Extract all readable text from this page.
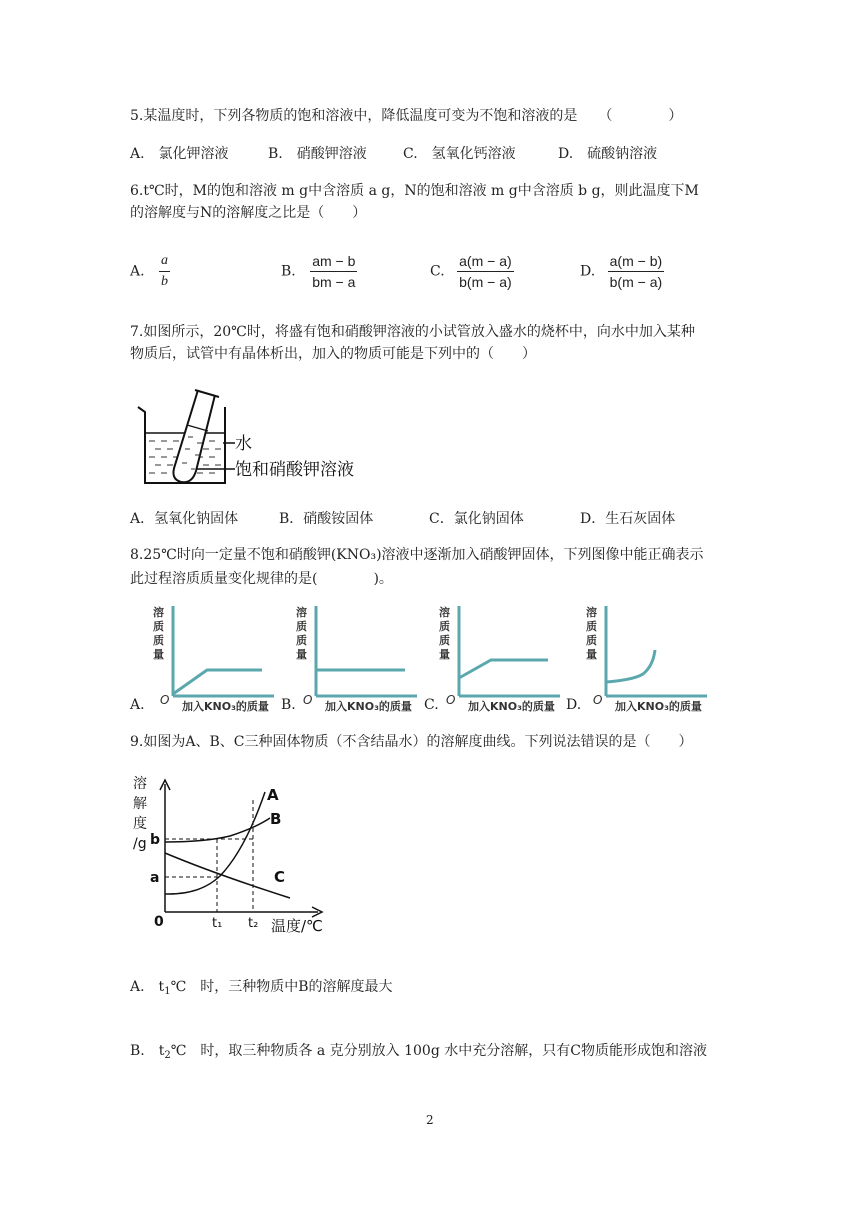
5.某温度时，下列各物质的饱和溶液中，降低温度可变为不饱和溶液的是　　（　　　　）
A.　氯化钾溶液	B.　硝酸钾溶液	C.　氢氧化钙溶液	D.　硫酸钠溶液
6.t℃时，M的饱和溶液 m g中含溶质 a g，N的饱和溶液 m g中含溶质 b g，则此温度下M
的溶解度与N的溶解度之比是（　　）
A. $\frac{a}{b}$	B. $\frac{am - b}{bm - a}$	C. $\frac{a(m - a)}{b(m - a)}$	D. $\frac{a(m - b)}{b(m - a)}$
7.如图所示，20℃时，将盛有饱和硝酸钾溶液的小试管放入盛水的烧杯中，向水中加入某种
物质后，试管中有晶体析出，加入的物质可能是下列中的（　　）
水
饱和硝酸钾溶液
A．氢氧化钠固体	B．硝酸铵固体	C．氯化钠固体	D．生石灰固体
8.25℃时向一定量不饱和硝酸钾(KNO₃)溶液中逐渐加入硝酸钾固体，下列图像中能正确表示
此过程溶质质量变化规律的是(　　　　)。
溶
质
质
量
O 加入KNO₃的质量
A.
溶
质
质
量
O 加入KNO₃的质量
B.
溶
质
质
量
O 加入KNO₃的质量
C.
溶
质
质
量
O 加入KNO₃的质量
D.
9.如图为A、B、C三种固体物质（不含结晶水）的溶解度曲线。下列说法错误的是（　　）
溶
解
度
/g
A
B
C
b
a
0	t₁ t₂ 温度/℃
A.　$t_1℃$　时，三种物质中B的溶解度最大
B.　$t_2℃$　时，取三种物质各 a 克分别放入 100g 水中充分溶解，只有C物质能形成饱和溶液
2
